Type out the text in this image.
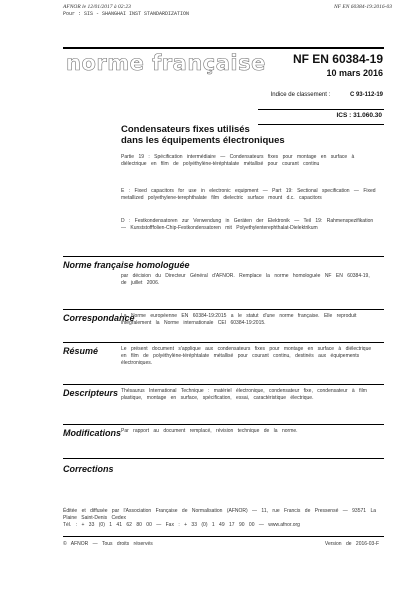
AFNOR le 12/01/2017 à 02:23
Pour : SIS - SHANGHAI INST STANDARDIZATION
NF EN 60384-19:2016-03
norme française NF EN 60384-19
10 mars 2016
Indice de classement :	C 93-112-19
ICS : 31.060.30
Condensateurs fixes utilisés
dans les équipements électroniques
Partie 19 : Spécification intermédiaire — Condensateurs fixes pour montage en surface à diélectrique en film de polyéthylène-téréphtalate métallisé pour courant continu
E : Fixed capacitors for use in electronic equipment — Part 19: Sectional specification — Fixed metallized polyethylene-terephthalate film dielectric surface mount d.c. capacitors
D : Festkondensatoren zur Verwendung in Geräten der Elektronik — Teil 19: Rahmenspezifikation — Kunststofffolien-Chip-Festkondensatoren mit Polyethylenterephthalat-Dielektrikum
Norme française homologuée
par décision du Directeur Général d'AFNOR. Remplace la norme homologuée NF EN 60384-19, de juillet 2006.
Correspondance
La Norme européenne EN 60384-19:2015 a le statut d'une norme française. Elle reproduit intégralement la Norme internationale CEI 60384-19:2015.
Résumé	Le présent document s'applique aux condensateurs fixes pour montage en surface à diélectrique en film de polyéthylène-téréphtalate métallisé pour courant continu, destinés aux équipements électroniques.
Descripteurs Thésaurus International Technique : matériel électronique, condensateur fixe, condensateur à film plastique, montage en surface, spécification, essai, caractéristique électrique.
Modifications Par rapport au document remplacé, révision technique de la norme.
Corrections
Éditée et diffusée par l'Association Française de Normalisation (AFNOR) — 11, rue Francis de Pressensé — 93571 La Plaine Saint-Denis Cedex
Tél. : + 33 (0) 1 41 62 80 00 — Fax : + 33 (0) 1 49 17 90 00 — www.afnor.org
© AFNOR — Tous droits réservés	Version de 2016-03-F
